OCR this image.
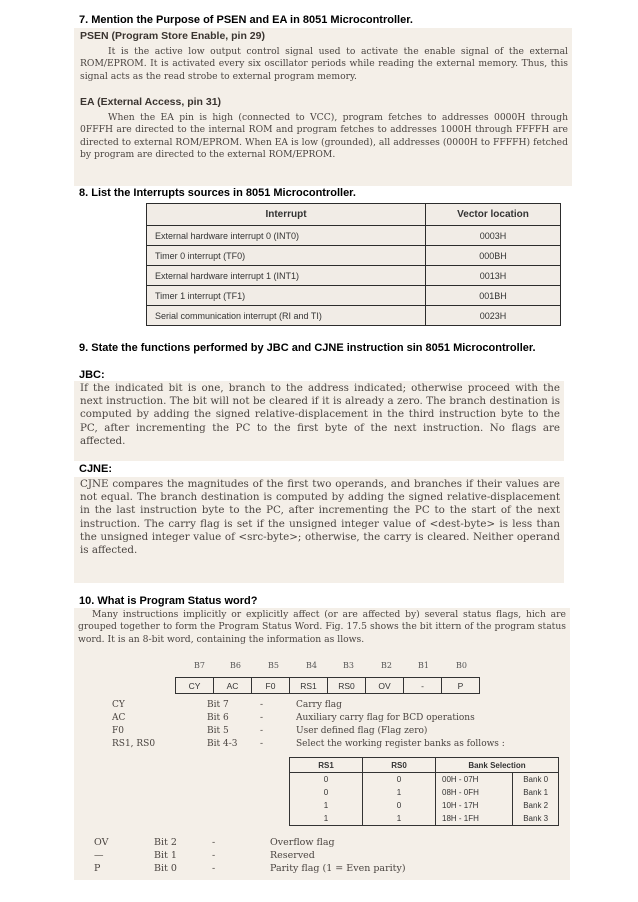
7. Mention the Purpose of PSEN and EA in 8051 Microcontroller.

PSEN (Program Store Enable, pin 29)

It is the active low output control signal used to activate the enable signal of the external ROM/EPROM. It is activated every six oscillator periods while reading the external memory. Thus, this signal acts as the read strobe to external program memory.

EA (External Access, pin 31)

When the EA pin is high (connected to VCC), program fetches to addresses 0000H through 0FFFH are directed to the internal ROM and program fetches to addresses 1000H through FFFFH are directed to external ROM/EPROM. When EA is low (grounded), all addresses (0000H to FFFFH) fetched by program are directed to the external ROM/EPROM.

8. List the Interrupts sources in 8051 Microcontroller.

Interrupt	Vector location
External hardware interrupt 0 (INT0)	0003H
Timer 0 interrupt (TF0)	000BH
External hardware interrupt 1 (INT1)	0013H
Timer 1 interrupt (TF1)	001BH
Serial communication interrupt (RI and TI)	0023H

9. State the functions performed by JBC and CJNE instruction sin 8051 Microcontroller.

JBC:

If the indicated bit is one, branch to the address indicated; otherwise proceed with the next instruction. The bit will not be cleared if it is already a zero. The branch destination is computed by adding the signed relative-displacement in the third instruction byte to the PC, after incrementing the PC to the first byte of the next instruction. No flags are affected.

CJNE:

CJNE compares the magnitudes of the first two operands, and branches if their values are not equal. The branch destination is computed by adding the signed relative-displacement in the last instruction byte to the PC, after incrementing the PC to the start of the next instruction. The carry flag is set if the unsigned integer value of <dest-byte> is less than the unsigned integer value of <src-byte>; otherwise, the carry is cleared. Neither operand is affected.

10. What is Program Status word?

Many instructions implicitly or explicitly affect (or are affected by) several status flags, hich are grouped together to form the Program Status Word. Fig. 17.5 shows the bit ittern of the program status word. It is an 8-bit word, containing the information as llows.

B7	B6	B5	B4	B3	B2	B1	B0
CY	AC	F0	RS1	RS0	OV	-	P
CY	Bit 7	-	Carry flag
AC	Bit 6	-	Auxiliary carry flag for BCD operations
F0	Bit 5	-	User defined flag (Flag zero)
RS1, RS0	Bit 4-3	-	Select the working register banks as follows :
RS1	RS0	Bank Selection	
0	0	00H - 07H	Bank 0
0	1	08H - 0FH	Bank 1
1	0	10H - 17H	Bank 2
1	1	18H - 1FH	Bank 3
OV	Bit 2	-	Overflow flag
—	Bit 1	-	Reserved
P	Bit 0	-	Parity flag (1 = Even parity)
